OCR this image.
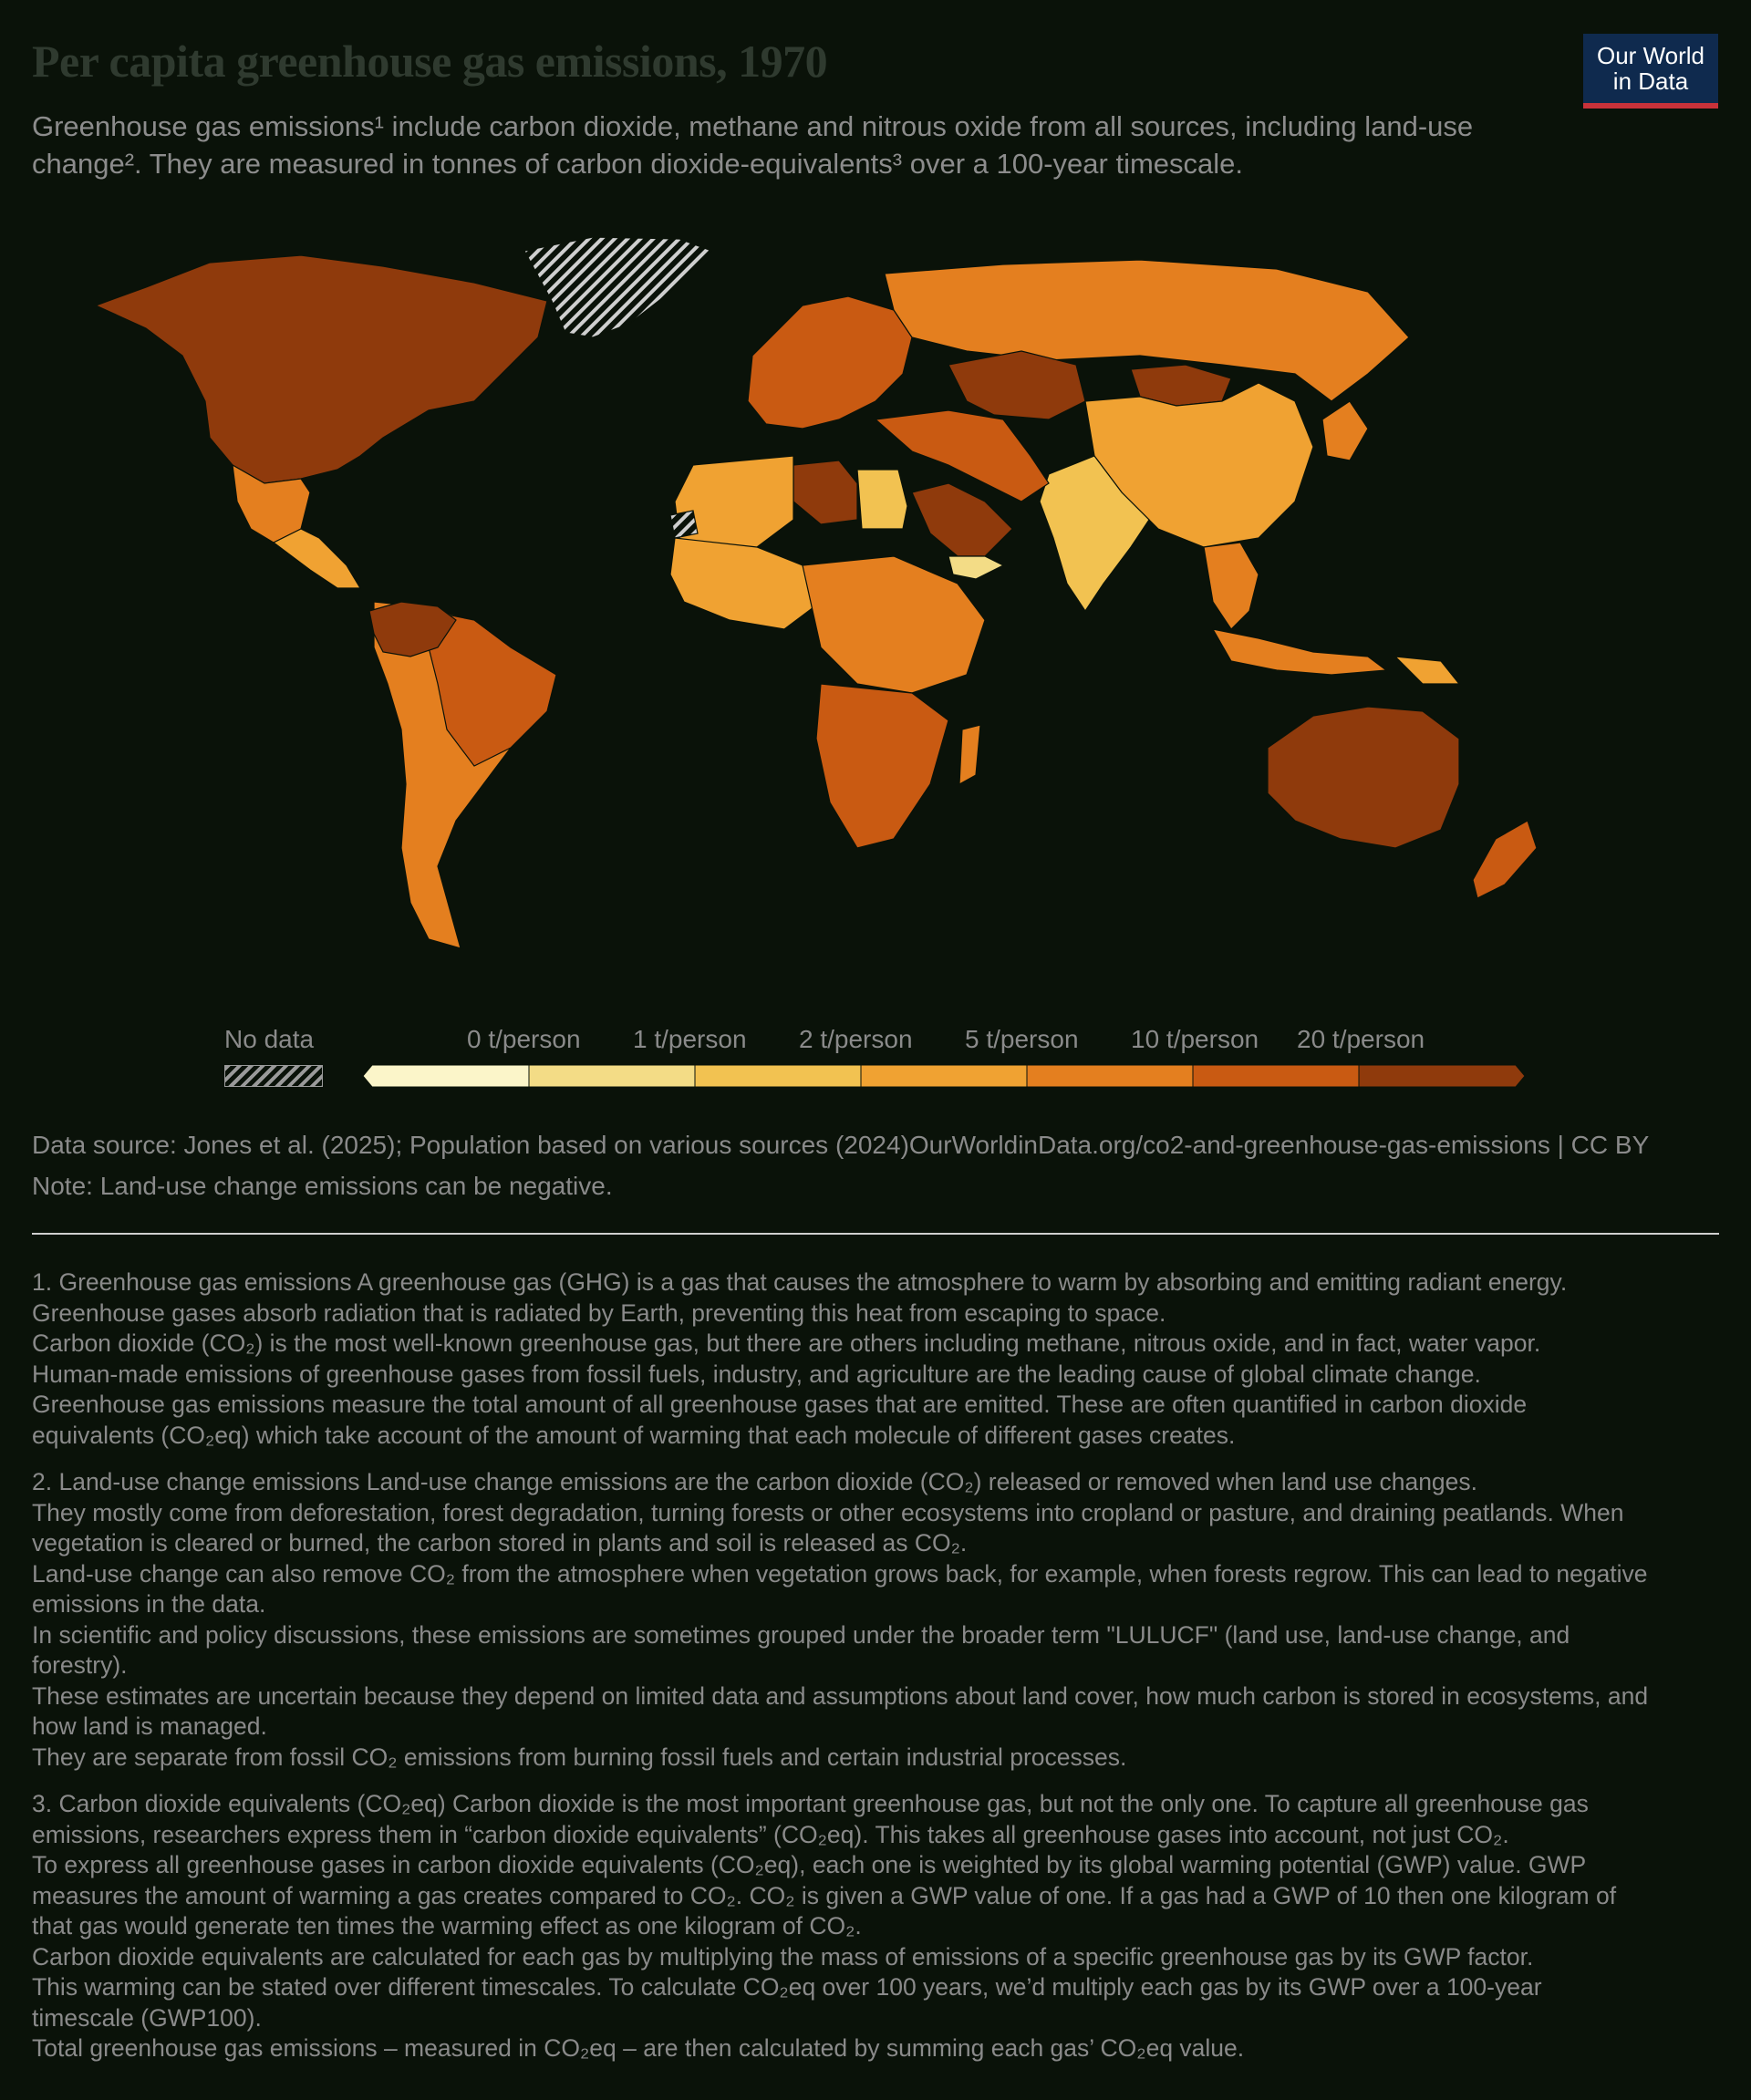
Per capita greenhouse gas emissions, 1970
Greenhouse gas emissions¹ include carbon dioxide, methane and nitrous oxide from all sources, including land-use change². They are measured in tonnes of carbon dioxide-equivalents³ over a 100-year timescale.
Our World
in Data
No data	0 t/person 1 t/person 2 t/person 5 t/person 10 t/person 20 t/person
Data source: Jones et al. (2025); Population based on various sources (2024)OurWorldinData.org/co2-and-greenhouse-gas-emissions | CC BY
Note: Land-use change emissions can be negative.

1. Greenhouse gas emissions A greenhouse gas (GHG) is a gas that causes the atmosphere to warm by absorbing and emitting radiant energy.
Greenhouse gases absorb radiation that is radiated by Earth, preventing this heat from escaping to space.
Carbon dioxide (CO₂) is the most well-known greenhouse gas, but there are others including methane, nitrous oxide, and in fact, water vapor.
Human-made emissions of greenhouse gases from fossil fuels, industry, and agriculture are the leading cause of global climate change.
Greenhouse gas emissions measure the total amount of all greenhouse gases that are emitted. These are often quantified in carbon dioxide
equivalents (CO₂eq) which take account of the amount of warming that each molecule of different gases creates.

2. Land-use change emissions Land-use change emissions are the carbon dioxide (CO₂) released or removed when land use changes.
They mostly come from deforestation, forest degradation, turning forests or other ecosystems into cropland or pasture, and draining peatlands. When
vegetation is cleared or burned, the carbon stored in plants and soil is released as CO₂.
Land-use change can also remove CO₂ from the atmosphere when vegetation grows back, for example, when forests regrow. This can lead to negative
emissions in the data.
In scientific and policy discussions, these emissions are sometimes grouped under the broader term "LULUCF" (land use, land-use change, and
forestry).
These estimates are uncertain because they depend on limited data and assumptions about land cover, how much carbon is stored in ecosystems, and
how land is managed.
They are separate from fossil CO₂ emissions from burning fossil fuels and certain industrial processes.

3. Carbon dioxide equivalents (CO₂eq) Carbon dioxide is the most important greenhouse gas, but not the only one. To capture all greenhouse gas
emissions, researchers express them in “carbon dioxide equivalents” (CO₂eq). This takes all greenhouse gases into account, not just CO₂.
To express all greenhouse gases in carbon dioxide equivalents (CO₂eq), each one is weighted by its global warming potential (GWP) value. GWP
measures the amount of warming a gas creates compared to CO₂. CO₂ is given a GWP value of one. If a gas had a GWP of 10 then one kilogram of
that gas would generate ten times the warming effect as one kilogram of CO₂.
Carbon dioxide equivalents are calculated for each gas by multiplying the mass of emissions of a specific greenhouse gas by its GWP factor.
This warming can be stated over different timescales. To calculate CO₂eq over 100 years, we’d multiply each gas by its GWP over a 100-year
timescale (GWP100).
Total greenhouse gas emissions – measured in CO₂eq – are then calculated by summing each gas’ CO₂eq value.
